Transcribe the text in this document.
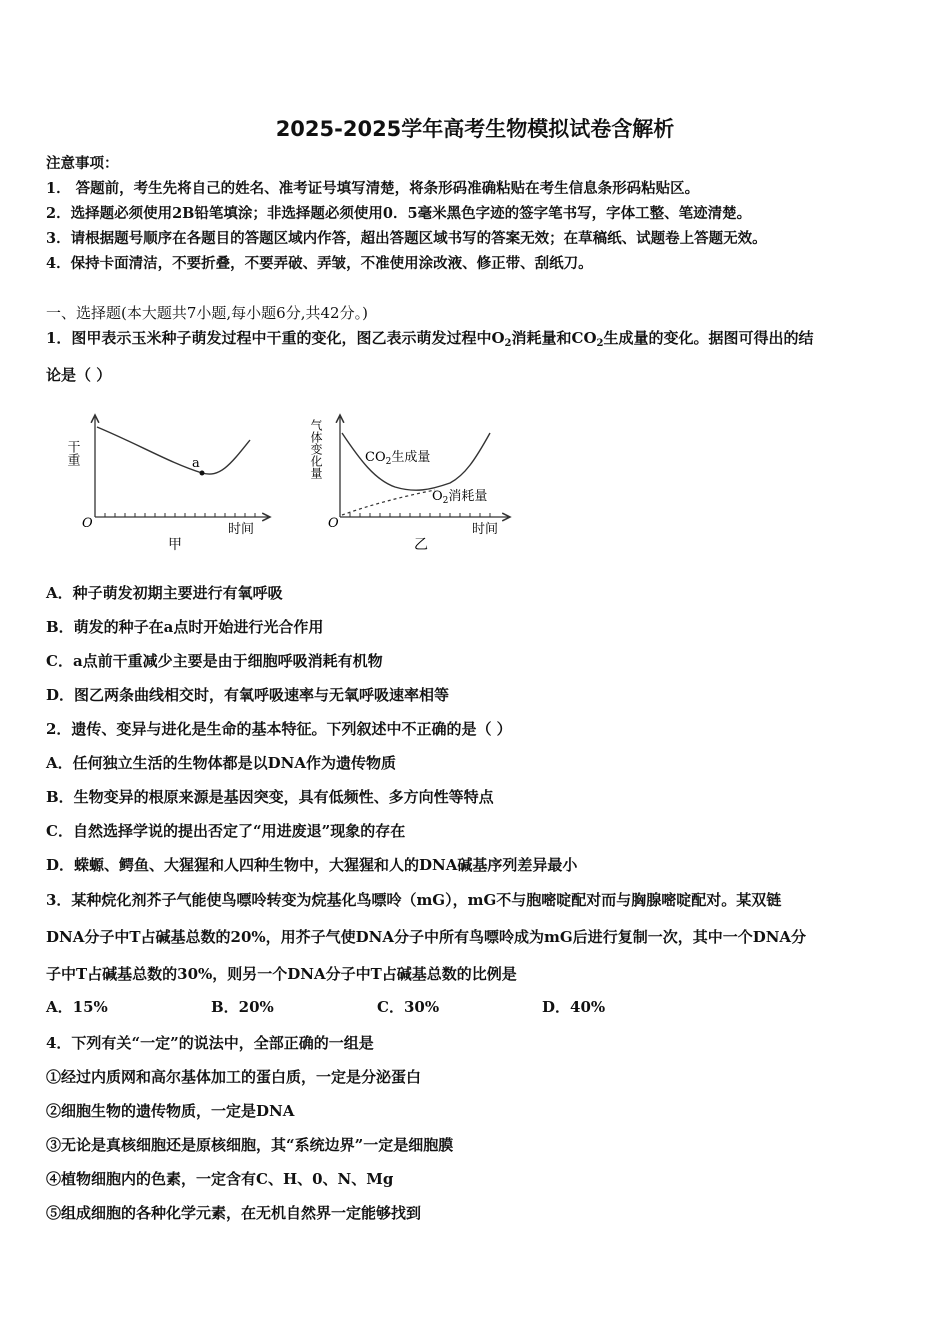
2025-2025学年高考生物模拟试卷含解析
注意事项：
1． 答题前，考生先将自己的姓名、准考证号填写清楚，将条形码准确粘贴在考生信息条形码粘贴区。
2．选择题必须使用2B铅笔填涂；非选择题必须使用0．5毫米黑色字迹的签字笔书写，字体工整、笔迹清楚。
3．请根据题号顺序在各题目的答题区域内作答，超出答题区域书写的答案无效；在草稿纸、试题卷上答题无效。
4．保持卡面清洁，不要折叠，不要弄破、弄皱，不准使用涂改液、修正带、刮纸刀。
一、选择题(本大题共7小题,每小题6分,共42分。)
1．图甲表示玉米种子萌发过程中干重的变化，图乙表示萌发过程中$O_2$消耗量和$CO_2$生成量的变化。据图可得出的结
论是（ ）
a
干重
O	时间
甲
气体变化量	$CO_2$生成量
$O_2$消耗量
O	时间
乙
A．种子萌发初期主要进行有氧呼吸
B．萌发的种子在a点时开始进行光合作用
C．a点前干重减少主要是由于细胞呼吸消耗有机物
D．图乙两条曲线相交时，有氧呼吸速率与无氧呼吸速率相等
2．遗传、变异与进化是生命的基本特征。下列叙述中不正确的是（ ）
A．任何独立生活的生物体都是以DNA作为遗传物质
B．生物变异的根原来源是基因突变，具有低频性、多方向性等特点
C．自然选择学说的提出否定了“用进废退”现象的存在
D．蝾螈、鳄鱼、大猩猩和人四种生物中，大猩猩和人的DNA碱基序列差异最小
3．某种烷化剂芥子气能使鸟嘌呤转变为烷基化鸟嘌呤（mG），mG不与胞嘧啶配对而与胸腺嘧啶配对。某双链
DNA分子中T占碱基总数的20%，用芥子气使DNA分子中所有鸟嘌呤成为mG后进行复制一次，其中一个DNA分
子中T占碱基总数的30%，则另一个DNA分子中T占碱基总数的比例是
A．15%	B．20%	C．30%	D．40%
4．下列有关“一定”的说法中，全部正确的一组是
①经过内质网和高尔基体加工的蛋白质，一定是分泌蛋白
②细胞生物的遗传物质，一定是DNA
③无论是真核细胞还是原核细胞，其“系统边界”一定是细胞膜
④植物细胞内的色素，一定含有C、H、0、N、Mg
⑤组成细胞的各种化学元素，在无机自然界一定能够找到
